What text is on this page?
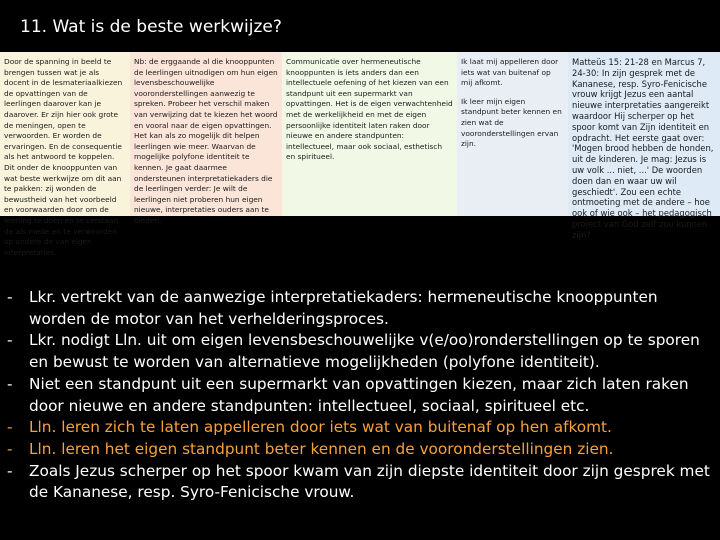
11. Wat is de beste werkwijze?

Door de spanning in beeld te brengen tussen wat je als docent in de lesmateriaalkiezen de opvattingen van de leerlingen daarover kan je daarover. Er zijn hier ook grote de meningen, open te verwoorden. Er worden de ervaringen. En de consequentie als het antwoord te koppelen. Dit onder de knooppunten van wat beste werkwijze om dit aan te pakken: zij wonden de bewustheid van het voorbeeld en voorwaarden door om de leerling te doen en te verstaan de als mede en te verwoorden op andere de van eigen interpretaties.

Nb: de erggaande al die knooppunten de leerlingen uitnodigen om hun eigen levensbeschouwelijke vooronderstellingen aanwezig te spreken. Probeer het verschil maken van verwijzing dat te kiezen het woord en vooral naar de eigen opvattingen. Het kan als zo mogelijk dit helpen leerlingen wie meer. Waarvan de mogelijke polyfone identiteit te kennen. Je gaat daarmee ondersteunen interpretatiekaders die de leerlingen verder: Je wilt de leerlingen niet proberen hun eigen nieuwe, interpretaties ouders aan te bieden.

Communicatie over hermeneutische knooppunten is iets anders dan een intellectuele oefening of het kiezen van een standpunt uit een supermarkt van opvattingen. Het is de eigen verwachtenheid met de werkelijkheid en met de eigen persoonlijke identiteit laten raken door nieuwe en andere standpunten: intellectueel, maar ook sociaal, esthetisch en spiritueel.

Ik laat mij appelleren door iets wat van buitenaf op mij afkomt.

Ik leer mijn eigen standpunt beter kennen en zien wat de vooronderstellingen ervan zijn.

Matteüs 15: 21-28 en Marcus 7, 24-30: In zijn gesprek met de Kananese, resp. Syro-Fenicische vrouw krijgt Jezus een aantal nieuwe interpretaties aangereikt waardoor Hij scherper op het spoor komt van Zijn identiteit en opdracht. Het eerste gaat over: 'Mogen brood hebben de honden, uit de kinderen. Je mag: Jezus is uw volk ... niet, ...' De woorden doen dan en waar uw wil geschiedt'. Zou een echte ontmoeting met de andere – hoe ook of wie ook – het pedagogisch project van God zelf zou kunnen zijn?

- Lkr. vertrekt van de aanwezige interpretatiekaders: hermeneutische knooppunten worden de motor van het verhelderingsproces.
- Lkr. nodigt Lln. uit om eigen levensbeschouwelijke v(e/oo)ronderstellingen op te sporen en bewust te worden van alternatieve mogelijkheden (polyfone identiteit).
- Niet een standpunt uit een supermarkt van opvattingen kiezen, maar zich laten raken door nieuwe en andere standpunten: intellectueel, sociaal, spiritueel etc.
- Lln. leren zich te laten appelleren door iets wat van buitenaf op hen afkomt.
- Lln. leren het eigen standpunt beter kennen en de vooronderstellingen zien.
- Zoals Jezus scherper op het spoor kwam van zijn diepste identiteit door zijn gesprek met de Kananese, resp. Syro-Fenicische vrouw.
